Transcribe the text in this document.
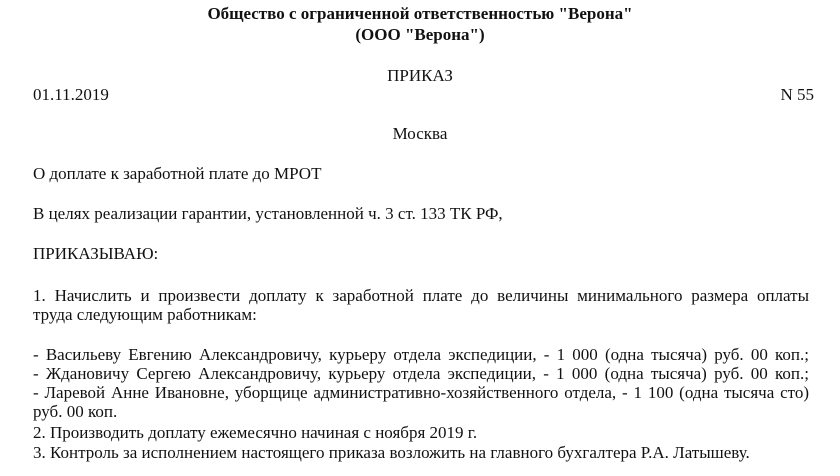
Общество с ограниченной ответственностью "Верона"
(ООО "Верона")
ПРИКАЗ
01.11.2019	N 55
Москва
О доплате к заработной плате до МРОТ
В целях реализации гарантии, установленной ч. 3 ст. 133 ТК РФ,
ПРИКАЗЫВАЮ:
1. Начислить и произвести доплату к заработной плате до величины минимального размера оплаты
труда следующим работникам:
- Васильеву Евгению Александровичу, курьеру отдела экспедиции, - 1 000 (одна тысяча) руб. 00 коп.;
- Ждановичу Сергею Александровичу, курьеру отдела экспедиции, - 1 000 (одна тысяча) руб. 00 коп.;
- Ларевой Анне Ивановне, уборщице административно-хозяйственного отдела, - 1 100 (одна тысяча сто)
руб. 00 коп.
2. Производить доплату ежемесячно начиная с ноября 2019 г.
3. Контроль за исполнением настоящего приказа возложить на главного бухгалтера Р.А. Латышеву.
